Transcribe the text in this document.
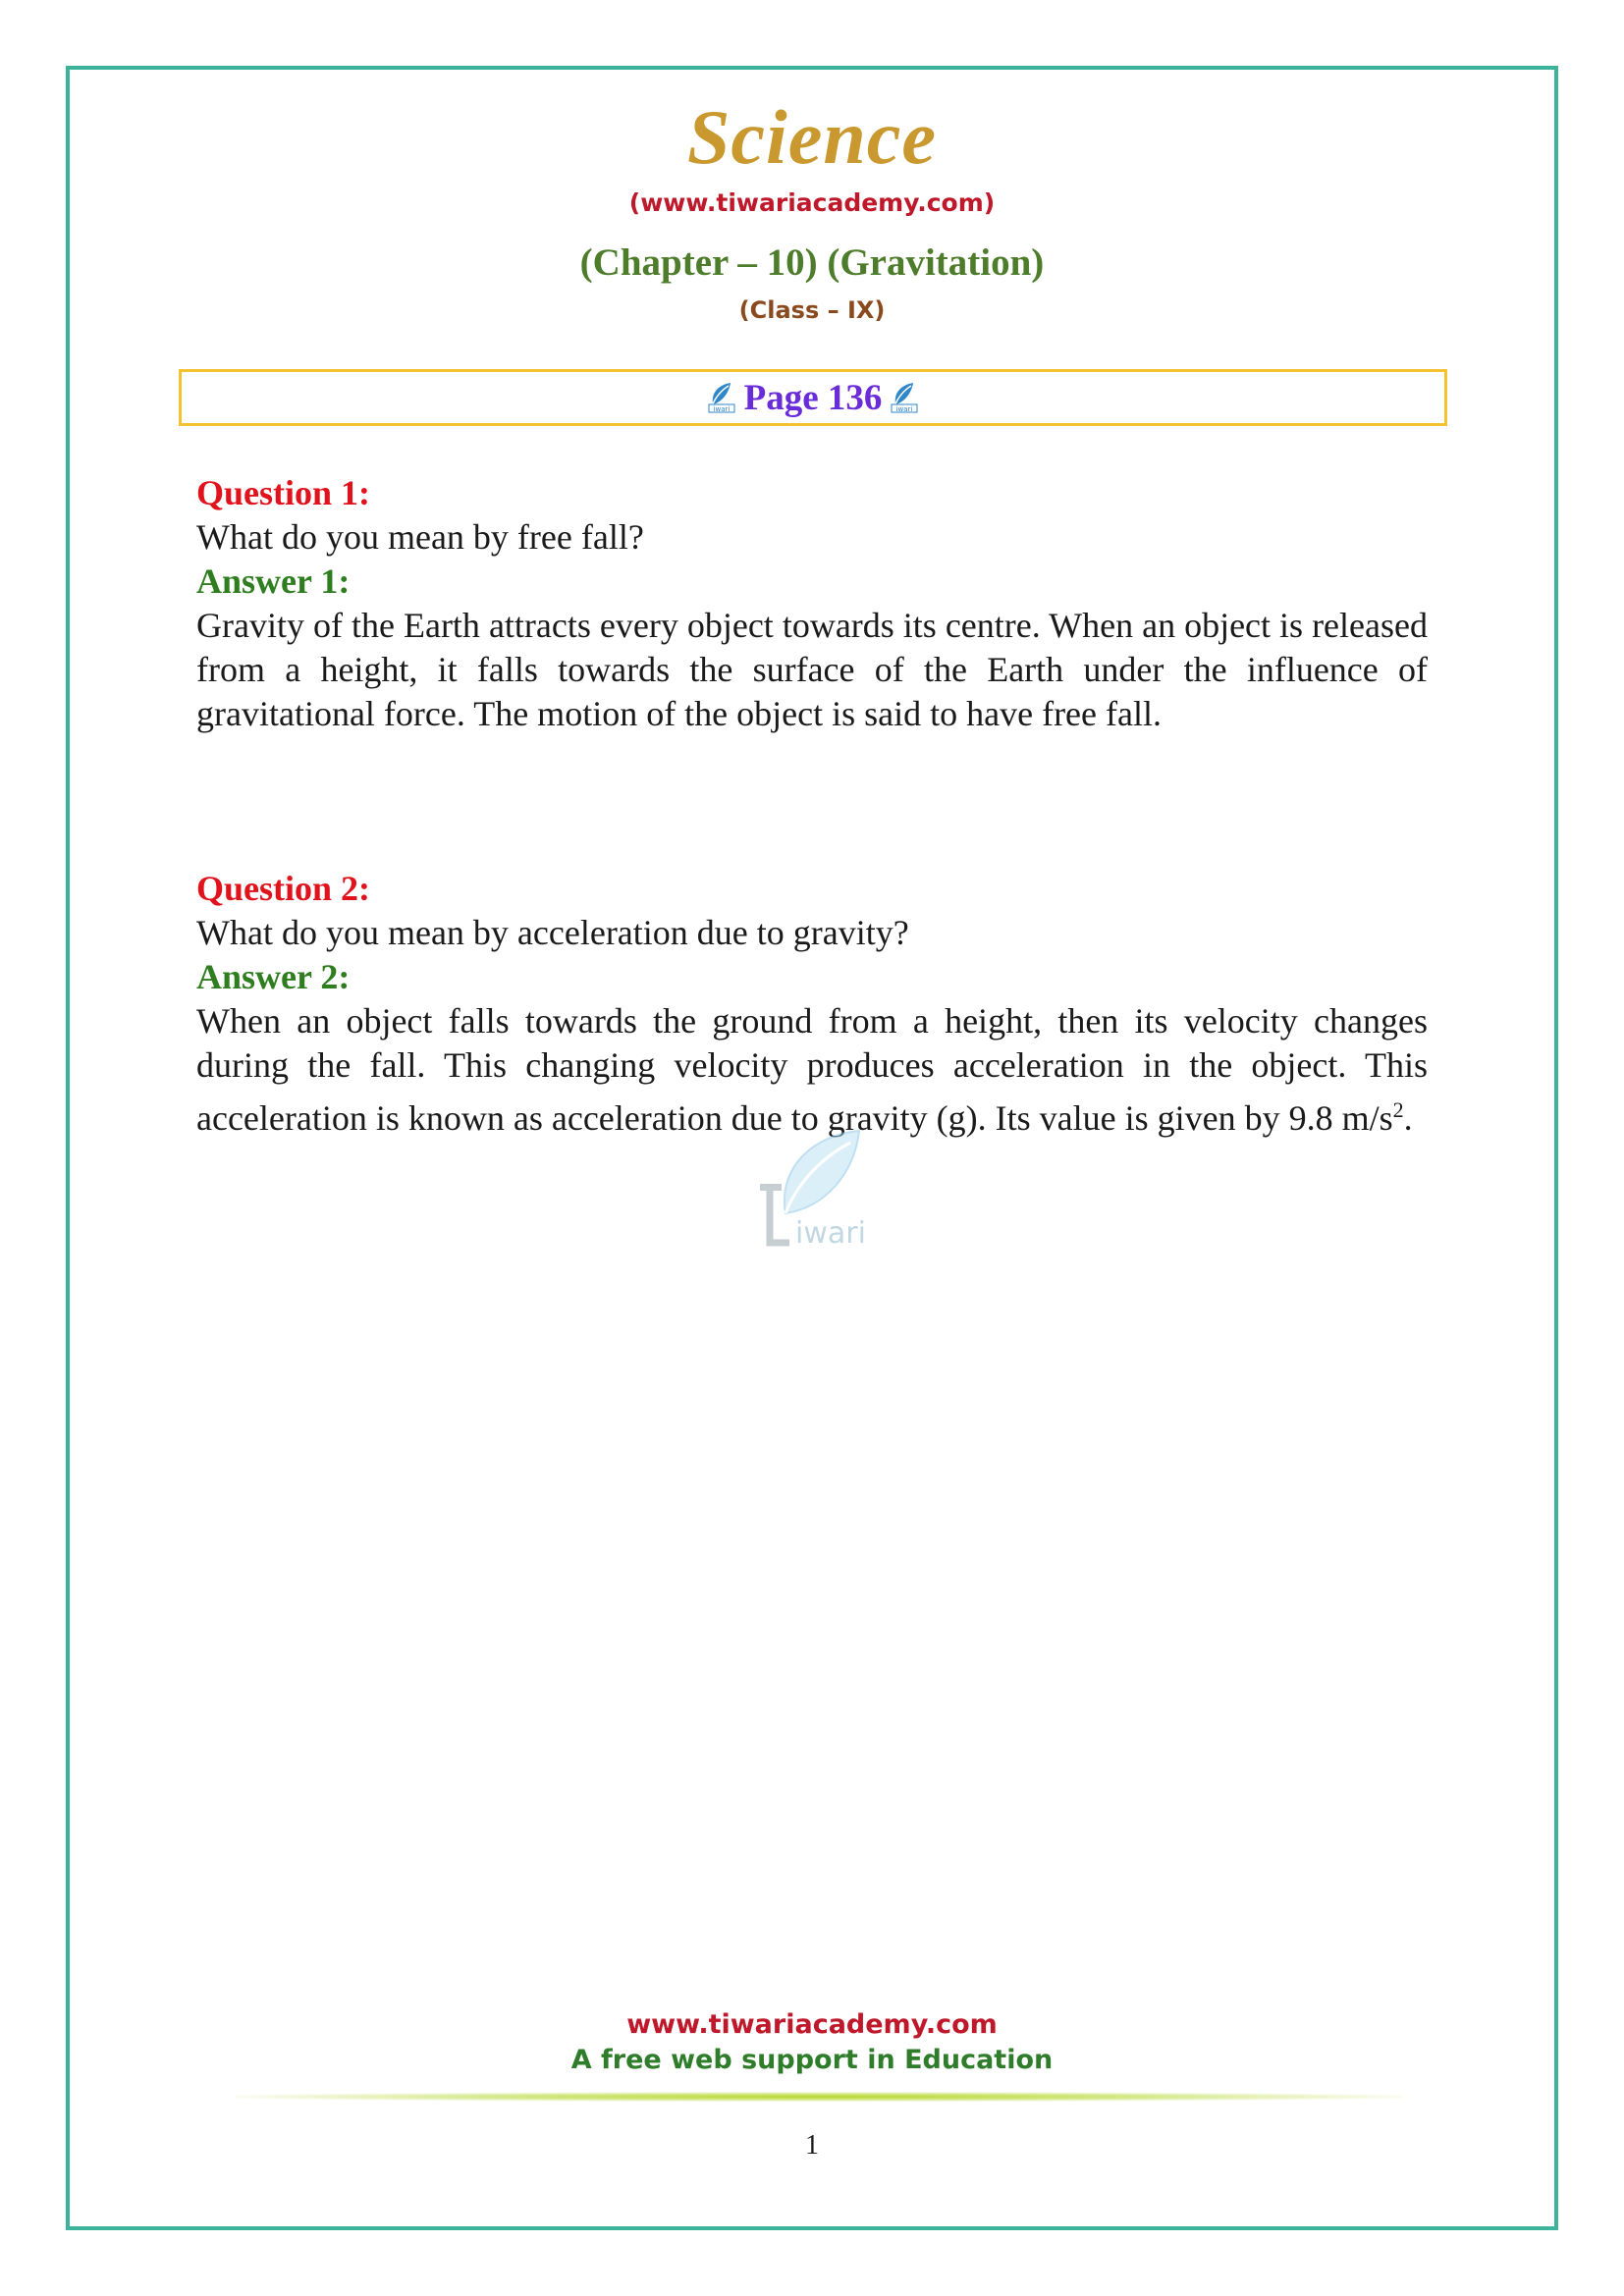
Science
(www.tiwariacademy.com)
(Chapter – 10) (Gravitation)
(Class – IX)
iwari Page 136 iwari
Question 1:
What do you mean by free fall?
Answer 1:
Gravity of the Earth attracts every object towards its centre. When an object is released from a height, it falls towards the surface of the Earth under the influence of gravitational force. The motion of the object is said to have free fall.
Question 2:
What do you mean by acceleration due to gravity?
Answer 2:
When an object falls towards the ground from a height, then its velocity changes during the fall. This changing velocity produces acceleration in the object. This acceleration is known as acceleration due to gravity (g). Its value is given by 9.8 $m/s^2$.
iwari
www.tiwariacademy.com
A free web support in Education
1
